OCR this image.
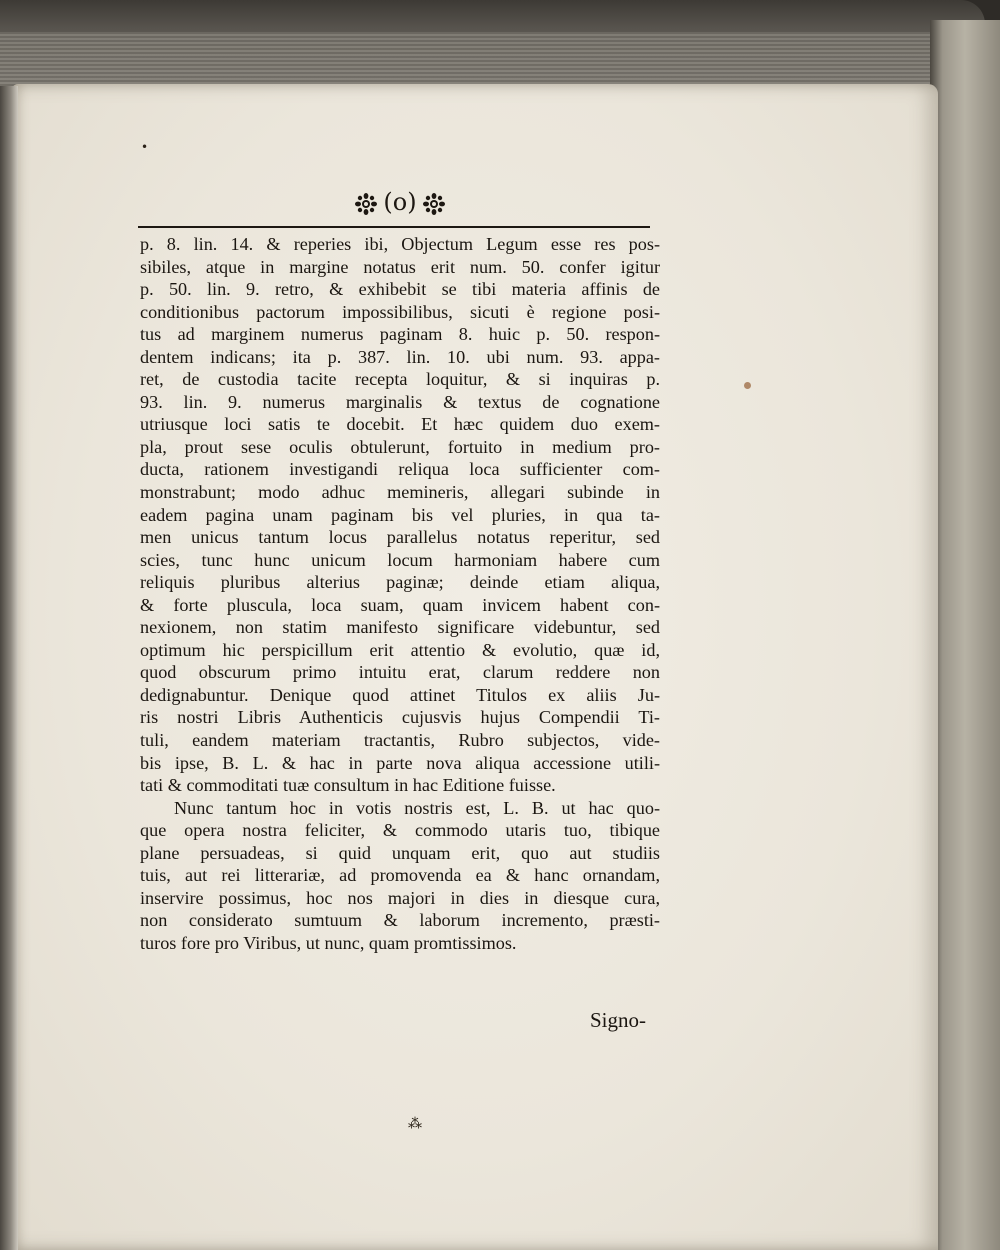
•
(o)
p. 8. lin. 14. & reperies ibi, Objectum Legum esse res pos-
sibiles, atque in margine notatus erit num. 50. confer igitur
p. 50. lin. 9. retro, & exhibebit se tibi materia affinis de
conditionibus pactorum impossibilibus, sicuti è regione posi-
tus ad marginem numerus paginam 8. huic p. 50. respon-
dentem indicans; ita p. 387. lin. 10. ubi num. 93. appa-
ret, de custodia tacite recepta loquitur, & si inquiras p.
93. lin. 9. numerus marginalis & textus de cognatione
utriusque loci satis te docebit. Et hæc quidem duo exem-
pla, prout sese oculis obtulerunt, fortuito in medium pro-
ducta, rationem investigandi reliqua loca sufficienter com-
monstrabunt; modo adhuc memineris, allegari subinde in
eadem pagina unam paginam bis vel pluries, in qua ta-
men unicus tantum locus parallelus notatus reperitur, sed
scies, tunc hunc unicum locum harmoniam habere cum
reliquis pluribus alterius paginæ; deinde etiam aliqua,
& forte pluscula, loca suam, quam invicem habent con-
nexionem, non statim manifesto significare videbuntur, sed
optimum hic perspicillum erit attentio & evolutio, quæ id,
quod obscurum primo intuitu erat, clarum reddere non
dedignabuntur. Denique quod attinet Titulos ex aliis Ju-
ris nostri Libris Authenticis cujusvis hujus Compendii Ti-
tuli, eandem materiam tractantis, Rubro subjectos, vide-
bis ipse, B. L. & hac in parte nova aliqua accessione utili-
tati & commoditati tuæ consultum in hac Editione fuisse.
Nunc tantum hoc in votis nostris est, L. B. ut hac quo-
que opera nostra feliciter, & commodo utaris tuo, tibique
plane persuadeas, si quid unquam erit, quo aut studiis
tuis, aut rei litterariæ, ad promovenda ea & hanc ornandam,
inservire possimus, hoc nos majori in dies in diesque cura,
non considerato sumtuum & laborum incremento, præsti-
turos fore pro Viribus, ut nunc, quam promtissimos.
Signo-
⁂
